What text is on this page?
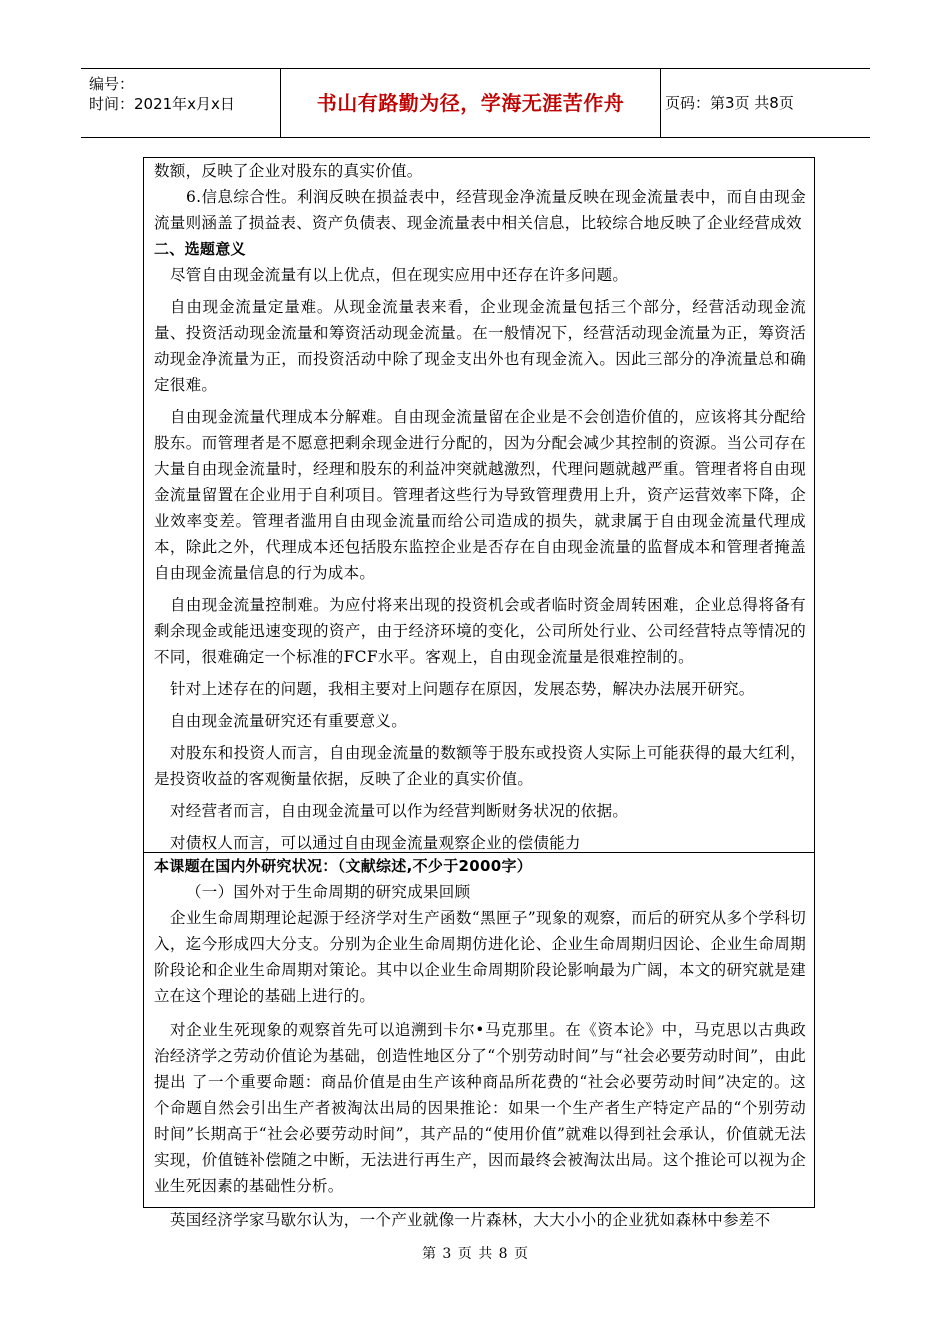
编号：
时间：2021年x月x日	书山有路勤为径，学海无涯苦作舟	页码：第3页 共8页

数额，反映了企业对股东的真实价值。

6.信息综合性。利润反映在损益表中，经营现金净流量反映在现金流量表中，而自由现金流量则涵盖了损益表、资产负债表、现金流量表中相关信息，比较综合地反映了企业经营成效

二、选题意义

尽管自由现金流量有以上优点，但在现实应用中还存在许多问题。

自由现金流量定量难。从现金流量表来看，企业现金流量包括三个部分，经营活动现金流量、投资活动现金流量和筹资活动现金流量。在一般情况下，经营活动现金流量为正，筹资活动现金净流量为正，而投资活动中除了现金支出外也有现金流入。因此三部分的净流量总和确定很难。

自由现金流量代理成本分解难。自由现金流量留在企业是不会创造价值的，应该将其分配给股东。而管理者是不愿意把剩余现金进行分配的，因为分配会减少其控制的资源。当公司存在大量自由现金流量时，经理和股东的利益冲突就越激烈，代理问题就越严重。管理者将自由现金流量留置在企业用于自利项目。管理者这些行为导致管理费用上升，资产运营效率下降，企业效率变差。管理者滥用自由现金流量而给公司造成的损失，就隶属于自由现金流量代理成本，除此之外，代理成本还包括股东监控企业是否存在自由现金流量的监督成本和管理者掩盖自由现金流量信息的行为成本。

自由现金流量控制难。为应付将来出现的投资机会或者临时资金周转困难，企业总得将备有剩余现金或能迅速变现的资产，由于经济环境的变化，公司所处行业、公司经营特点等情况的不同，很难确定一个标准的FCF水平。客观上，自由现金流量是很难控制的。

针对上述存在的问题，我相主要对上问题存在原因，发展态势，解决办法展开研究。

自由现金流量研究还有重要意义。

对股东和投资人而言，自由现金流量的数额等于股东或投资人实际上可能获得的最大红利，是投资收益的客观衡量依据，反映了企业的真实价值。

对经营者而言，自由现金流量可以作为经营判断财务状况的依据。

对债权人而言，可以通过自由现金流量观察企业的偿债能力

本课题在国内外研究状况：（文献综述,不少于2000字）

（一）国外对于生命周期的研究成果回顾

企业生命周期理论起源于经济学对生产函数“黑匣子”现象的观察，而后的研究从多个学科切入，迄今形成四大分支。分别为企业生命周期仿进化论、企业生命周期归因论、企业生命周期阶段论和企业生命周期对策论。其中以企业生命周期阶段论影响最为广阔，本文的研究就是建立在这个理论的基础上进行的。

对企业生死现象的观察首先可以追溯到卡尔•马克那里。在《资本论》中，马克思以古典政治经济学之劳动价值论为基础，创造性地区分了“个别劳动时间”与“社会必要劳动时间”，由此提出 了一个重要命题：商品价值是由生产该种商品所花费的“社会必要劳动时间”决定的。这个命题自然会引出生产者被淘汰出局的因果推论：如果一个生产者生产特定产品的“个别劳动时间”长期高于“社会必要劳动时间”，其产品的“使用价值”就难以得到社会承认，价值就无法实现，价值链补偿随之中断，无法进行再生产，因而最终会被淘汰出局。这个推论可以视为企业生死因素的基础性分析。

英国经济学家马歇尔认为，一个产业就像一片森林，大大小小的企业犹如森林中参差不

第 3 页 共 8 页
